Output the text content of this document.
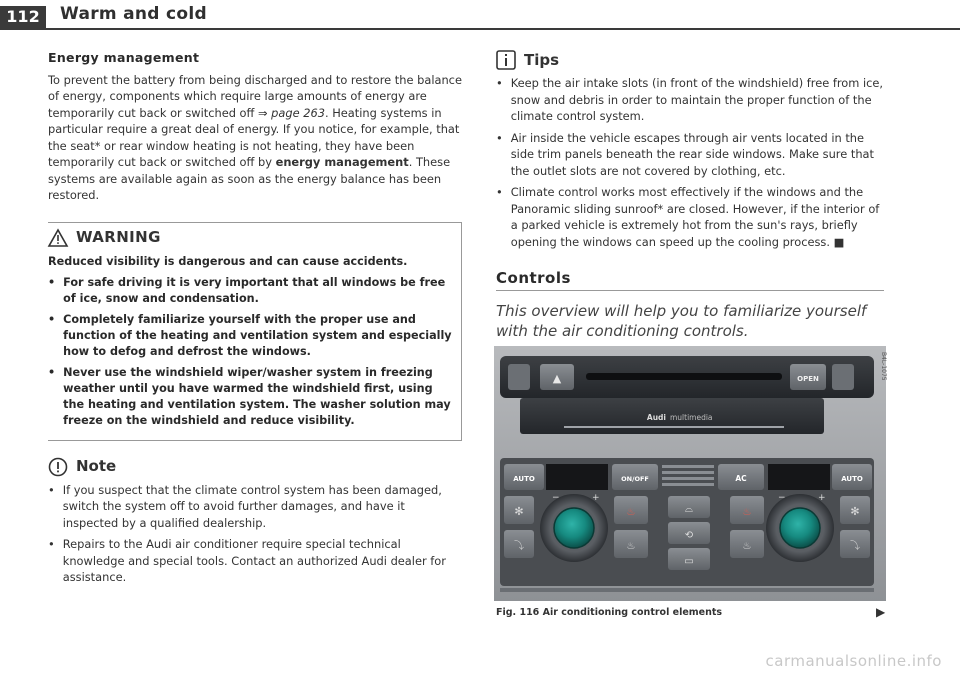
112	Warm and cold
Energy management

To prevent the battery from being discharged and to restore the balance of energy, components which require large amounts of energy are temporarily cut back or switched off ⇒ page 263. Heating systems in particular require a great deal of energy. If you notice, for example, that the seat* or rear window heating is not heating, they have been temporarily cut back or switched off by energy management. These systems are available again as soon as the energy balance has been restored.

WARNING
Reduced visibility is dangerous and can cause accidents.
• For safe driving it is very important that all windows be free of ice, snow and condensation.
• Completely familiarize yourself with the proper use and function of the heating and ventilation system and especially how to defog and defrost the windows.
• Never use the windshield wiper/washer system in freezing weather until you have warmed the windshield first, using the heating and ventilation system. The washer solution may freeze on the windshield and reduce visibility.
Note
• If you suspect that the climate control system has been damaged, switch the system off to avoid further damages, and have it inspected by a qualified dealership.
• Repairs to the Audi air conditioner require special technical knowledge and special tools. Contact an authorized Audi dealer for assistance.
Tips
• Keep the air intake slots (in front of the windshield) free from ice, snow and debris in order to maintain the proper function of the climate control system.
• Air inside the vehicle escapes through air vents located in the side trim panels beneath the rear side windows. Make sure that the outlet slots are not covered by clothing, etc.
• Climate control works most effectively if the windows and the Panoramic sliding sunroof* are closed. However, if the interior of a parked vehicle is extremely hot from the sun's rays, briefly opening the windows can speed up the cooling process. ■
Controls
This overview will help you to familiarize yourself with the air conditioning controls.
▲	OPEN
Audi multimedia
AUTO	ON/OFF	AC	AUTO
✻
⤵
−	+
♨
♨
⌓
⟲
▭
♨
♨
−	+
✻
⤵
B4L-1075
Fig. 116 Air conditioning control elements	▶
carmanualsonline.info
